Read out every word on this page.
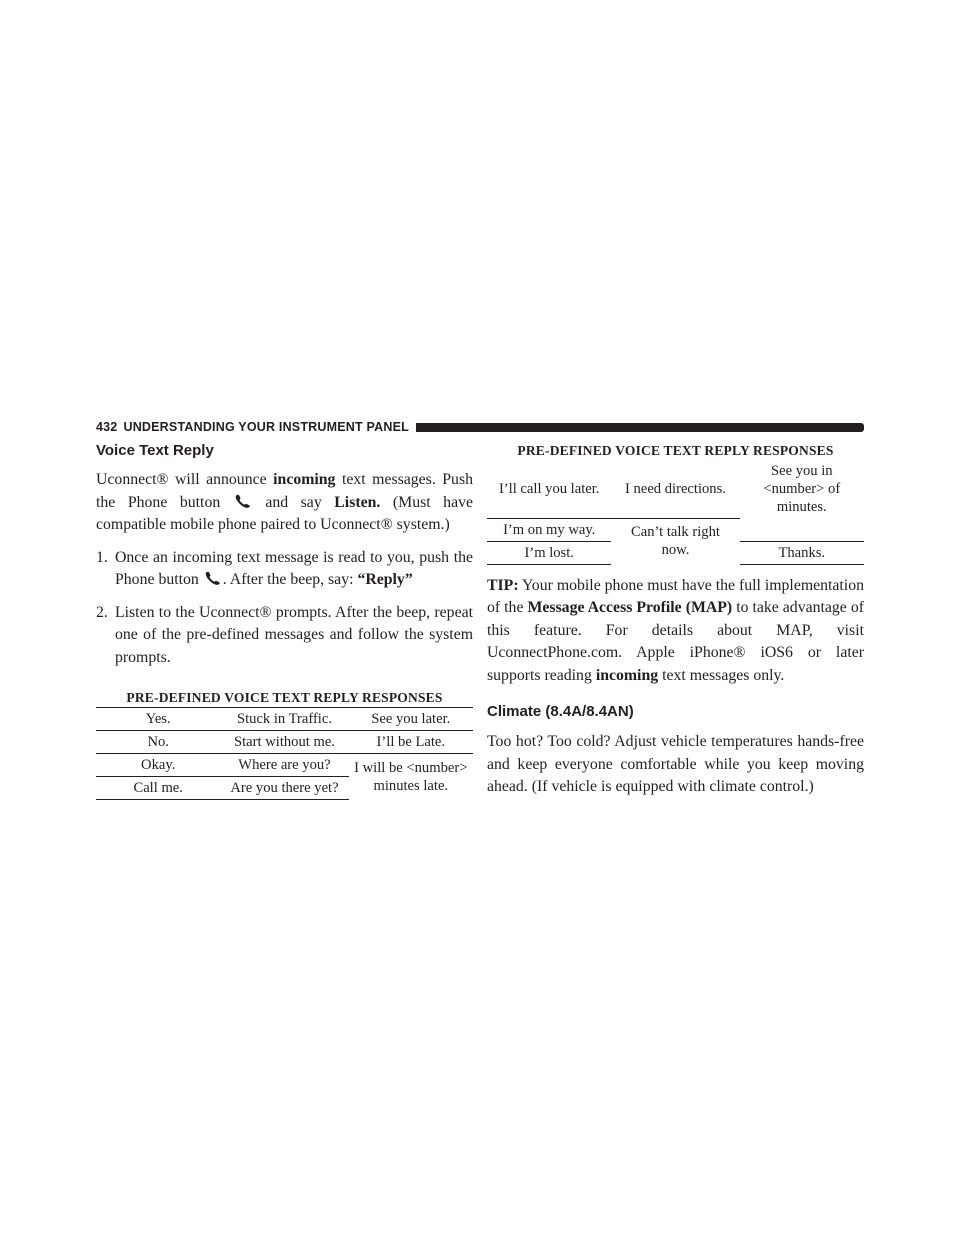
432 UNDERSTANDING YOUR INSTRUMENT PANEL
Voice Text Reply

Uconnect® will announce incoming text messages. Push the Phone button  and say Listen. (Must have compatible mobile phone paired to Uconnect® system.)

1. Once an incoming text message is read to you, push the Phone button . After the beep, say: “Reply”
2. Listen to the Uconnect® prompts. After the beep, repeat one of the pre-defined messages and follow the system prompts.
PRE-DEFINED VOICE TEXT REPLY RESPONSES
Yes.	Stuck in Traffic.	See you later.
No.	Start without me.	I’ll be Late.
Okay.	Where are you?	I will be <number> minutes late.
Call me.	Are you there yet?	
PRE-DEFINED VOICE TEXT REPLY RESPONSES
I’ll call you later.	I need directions.	See you in <number> of minutes.
I’m on my way.	Can’t talk right now.	
I’m lost.		Thanks.

TIP: Your mobile phone must have the full implementation of the Message Access Profile (MAP) to take advantage of this feature. For details about MAP, visit UconnectPhone.com. Apple iPhone® iOS6 or later supports reading incoming text messages only.

Climate (8.4A/8.4AN)

Too hot? Too cold? Adjust vehicle temperatures hands-free and keep everyone comfortable while you keep moving ahead. (If vehicle is equipped with climate control.)
